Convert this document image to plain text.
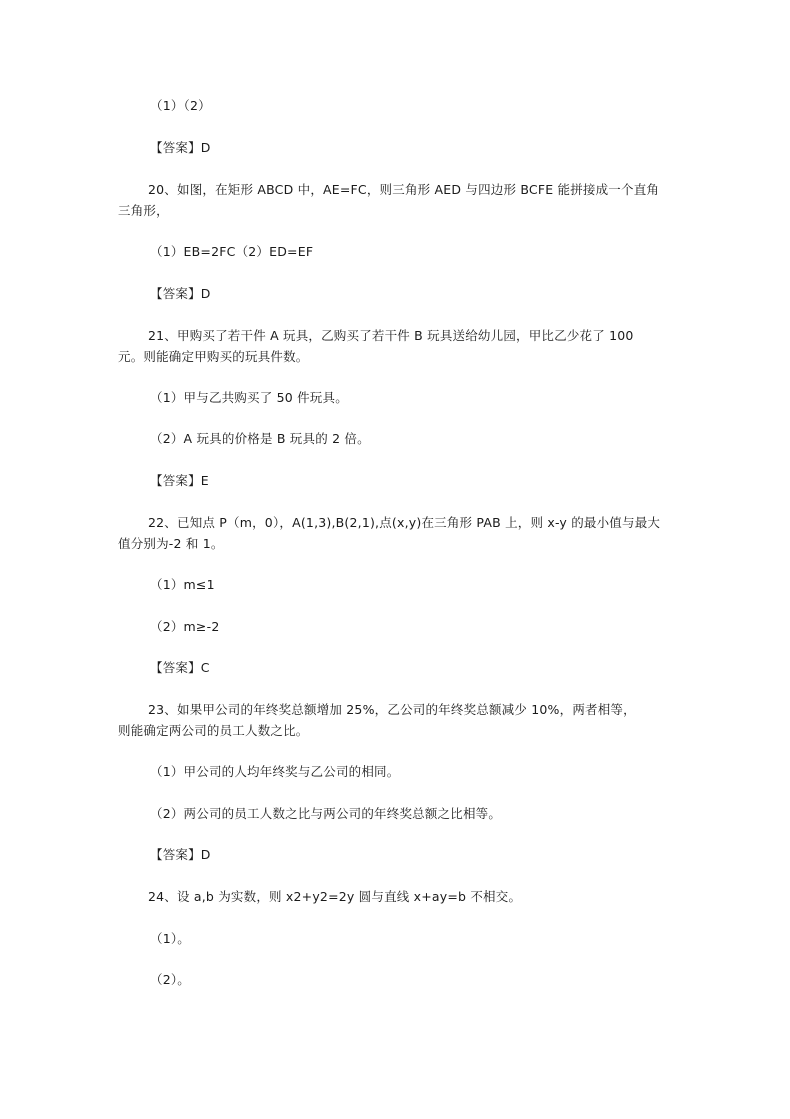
（1）（2）
【答案】D
20、如图，在矩形 ABCD 中，AE=FC，则三角形 AED 与四边形 BCFE 能拼接成一个直角
三角形，
（1）EB=2FC（2）ED=EF
【答案】D
21、甲购买了若干件 A 玩具，乙购买了若干件 B 玩具送给幼儿园，甲比乙少花了 100
元。则能确定甲购买的玩具件数。
（1）甲与乙共购买了 50 件玩具。
（2）A 玩具的价格是 B 玩具的 2 倍。
【答案】E
22、已知点 P（m，0），A(1,3),B(2,1),点(x,y)在三角形 PAB 上，则 x-y 的最小值与最大
值分别为-2 和 1。
（1）m≤1
（2）m≥-2
【答案】C
23、如果甲公司的年终奖总额增加 25%，乙公司的年终奖总额减少 10%，两者相等，
则能确定两公司的员工人数之比。
（1）甲公司的人均年终奖与乙公司的相同。
（2）两公司的员工人数之比与两公司的年终奖总额之比相等。
【答案】D
24、设 a,b 为实数，则 x2+y2=2y 圆与直线 x+ay=b 不相交。
（1）。
（2）。
